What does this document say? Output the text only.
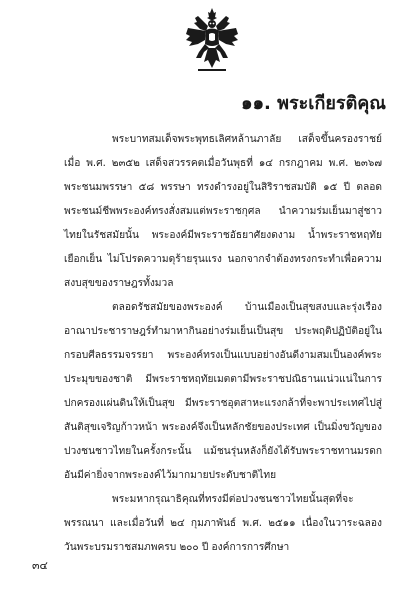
๑๑. พระเกียรติคุณ

พระบาทสมเด็จพระพุทธเลิศหล้านภาลัย เสด็จขึ้นครองราชย์เมื่อ พ.ศ. ๒๓๕๒ เสด็จสวรรคตเมื่อวันพุธที่ ๑๔ กรกฎาคม พ.ศ. ๒๓๖๗ พระชนมพรรษา ๕๘ พรรษา ทรงดำรงอยู่ในสิริราชสมบัติ ๑๕ ปี ตลอดพระชนม์ชีพพระองค์ทรงสั่งสมแต่พระราชกุศล นำความร่มเย็นมาสู่ชาวไทยในรัชสมัยนั้น พระองค์มีพระราชอัธยาศัยงดงาม น้ำพระราชหฤทัยเยือกเย็น ไม่โปรดความดุร้ายรุนแรง นอกจากจำต้องทรงกระทำเพื่อความสงบสุขของราษฎรทั้งมวล

ตลอดรัชสมัยของพระองค์ บ้านเมืองเป็นสุขสงบและรุ่งเรือง อาณาประชาราษฎร์ทำมาหากินอย่างร่มเย็นเป็นสุข ประพฤติปฏิบัติอยู่ในกรอบศีลธรรมจรรยา พระองค์ทรงเป็นแบบอย่างอันดีงามสมเป็นองค์พระประมุขของชาติ มีพระราชหฤทัยเมตตามีพระราชปณิธานแน่วแน่ในการปกครองแผ่นดินให้เป็นสุข มีพระราชอุตสาหะแรงกล้าที่จะพาประเทศไปสู่สันติสุขเจริญก้าวหน้า พระองค์จึงเป็นหลักชัยของประเทศ เป็นมิ่งขวัญของปวงชนชาวไทยในครั้งกระนั้น แม้ชนรุ่นหลังก็ยังได้รับพระราชทานมรดกอันมีค่ายิ่งจากพระองค์ไว้มากมายประดับชาติไทย

พระมหากรุณาธิคุณที่ทรงมีต่อปวงชนชาวไทยนั้นสุดที่จะพรรณนา และเมื่อวันที่ ๒๔ กุมภาพันธ์ พ.ศ. ๒๕๑๑ เนื่องในวาระฉลองวันพระบรมราชสมภพครบ ๒๐๐ ปี องค์การการศึกษา

๓๔
